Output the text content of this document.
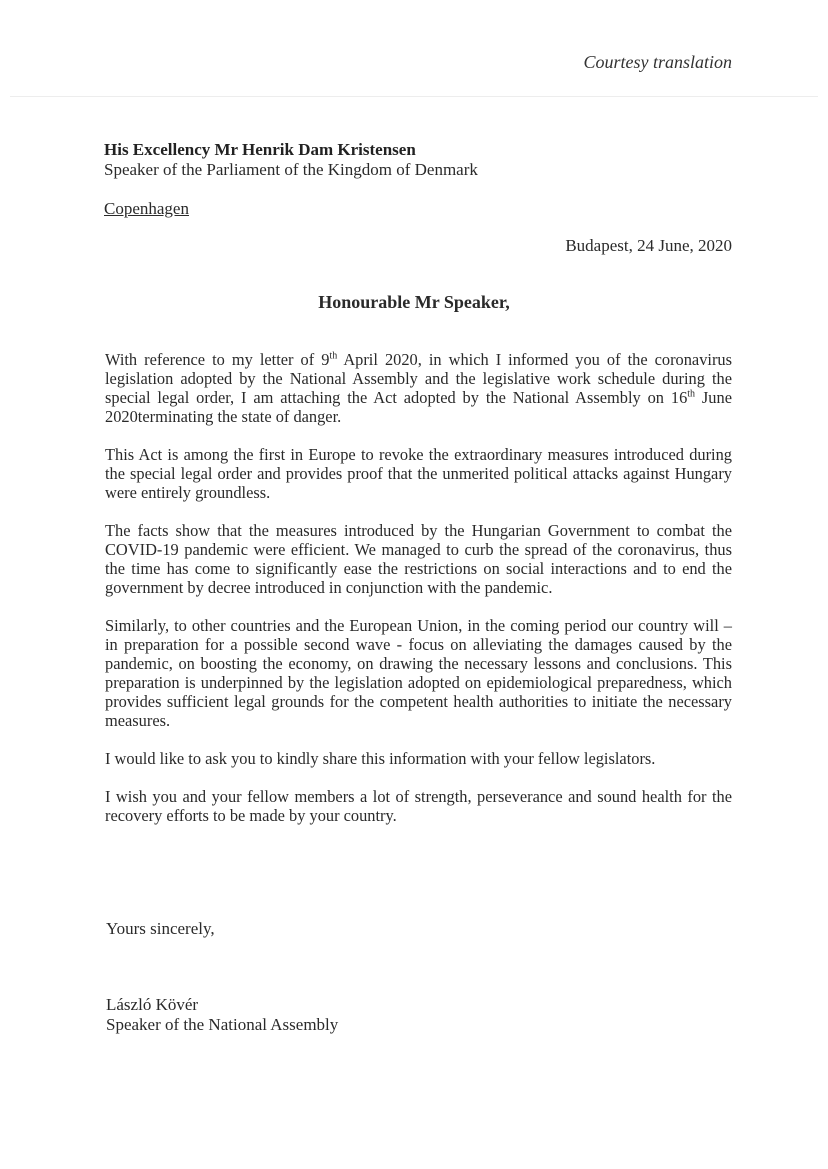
Courtesy translation
His Excellency Mr Henrik Dam Kristensen
Speaker of the Parliament of the Kingdom of Denmark
Copenhagen
Budapest, 24 June, 2020
Honourable Mr Speaker,

With reference to my letter of 9th April 2020, in which I informed you of the coronavirus legislation adopted by the National Assembly and the legislative work schedule during the special legal order, I am attaching the Act adopted by the National Assembly on 16th June 2020terminating the state of danger.

This Act is among the first in Europe to revoke the extraordinary measures introduced during the special legal order and provides proof that the unmerited political attacks against Hungary were entirely groundless.

The facts show that the measures introduced by the Hungarian Government to combat the COVID-19 pandemic were efficient. We managed to curb the spread of the coronavirus, thus the time has come to significantly ease the restrictions on social interactions and to end the government by decree introduced in conjunction with the pandemic.

Similarly, to other countries and the European Union, in the coming period our country will – in preparation for a possible second wave - focus on alleviating the damages caused by the pandemic, on boosting the economy, on drawing the necessary lessons and conclusions. This preparation is underpinned by the legislation adopted on epidemiological preparedness, which provides sufficient legal grounds for the competent health authorities to initiate the necessary measures.

I would like to ask you to kindly share this information with your fellow legislators.

I wish you and your fellow members a lot of strength, perseverance and sound health for the recovery efforts to be made by your country.

Yours sincerely,
László Kövér
Speaker of the National Assembly
